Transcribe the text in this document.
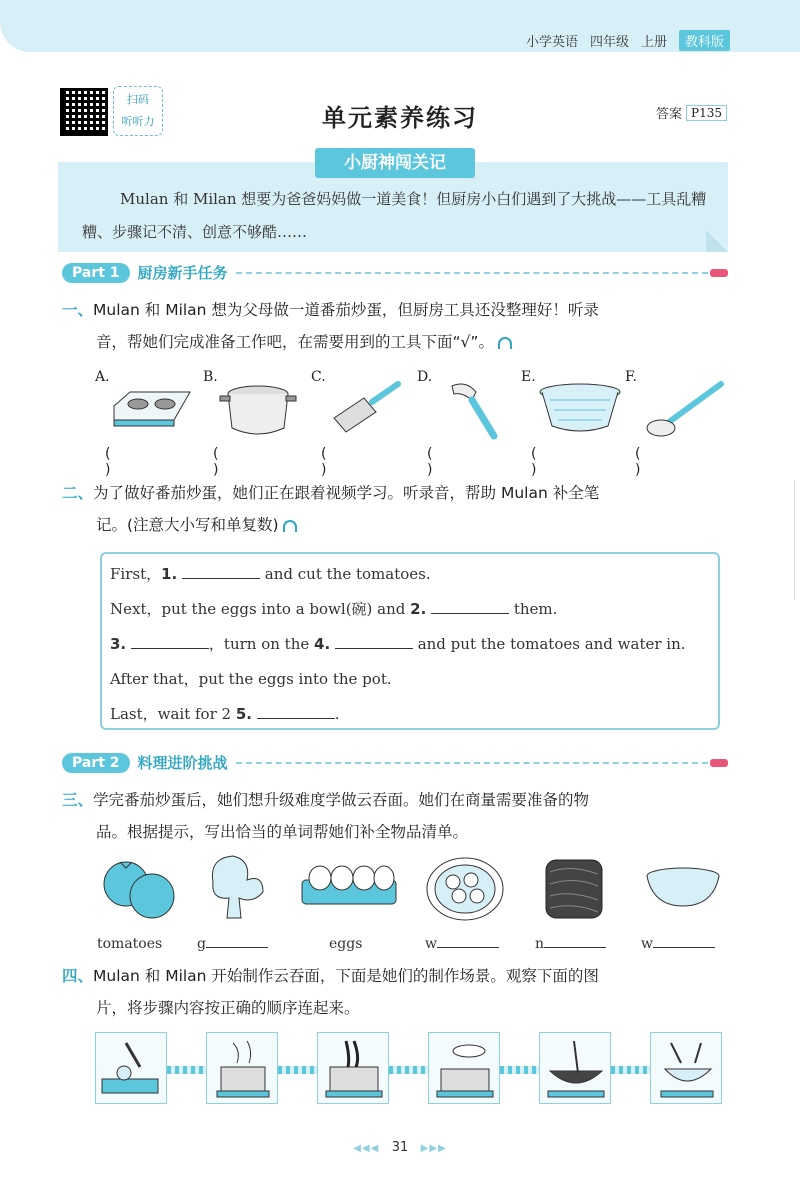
小学英语 四年级 上册	教科版
扫码
听听力	单元素养练习	答案 P135
小厨神闯关记
Mulan 和 Milan 想要为爸爸妈妈做一道美食！但厨房小白们遇到了大挑战——工具乱糟糟、步骤记不清、创意不够酷……
Part 1	厨房新手任务
一、Mulan 和 Milan 想为父母做一道番茄炒蛋，但厨房工具还没整理好！听录
音，帮她们完成准备工作吧，在需要用到的工具下面“√”。
A.
( )
B.
( )
C.
( )
D.
( )
E.
( )
F.
( )
二、为了做好番茄炒蛋，她们正在跟着视频学习。听录音，帮助 Mulan 补全笔
记。(注意大小写和单复数)
First，1.	and cut the tomatoes.
Next，put the eggs into a bowl(碗) and 2.	them.
3.	，turn on the 4.	and put the tomatoes and water in.
After that，put the eggs into the pot.
Last，wait for 2 5.	.
Part 2	料理进阶挑战
三、学完番茄炒蛋后，她们想升级难度学做云吞面。她们在商量需要准备的物
品。根据提示，写出恰当的单词帮她们补全物品清单。
tomatoes g	eggs	w	n	w
四、Mulan 和 Milan 开始制作云吞面，下面是她们的制作场景。观察下面的图
片，将步骤内容按正确的顺序连起来。
◀◀◀ 31 ▶▶▶
